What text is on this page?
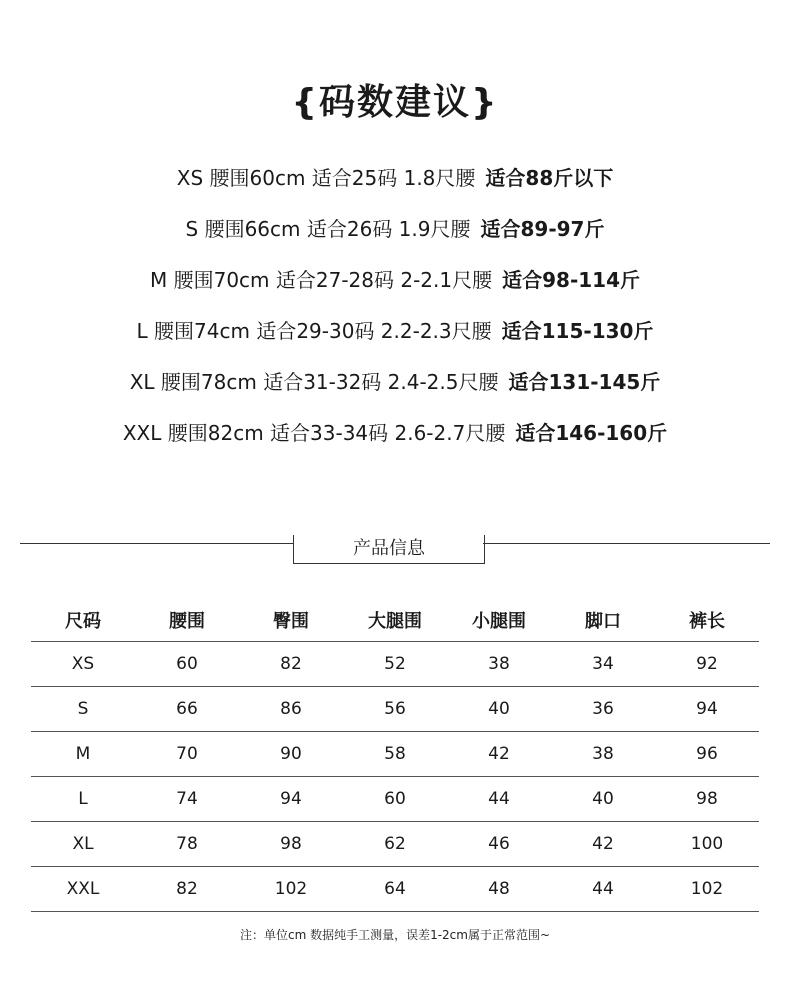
{码数建议}
XS 腰围60cm 适合25码 1.8尺腰 适合88斤以下
S 腰围66cm 适合26码 1.9尺腰 适合89-97斤
M 腰围70cm 适合27-28码 2-2.1尺腰 适合98-114斤
L 腰围74cm 适合29-30码 2.2-2.3尺腰 适合115-130斤
XL 腰围78cm 适合31-32码 2.4-2.5尺腰 适合131-145斤
XXL 腰围82cm 适合33-34码 2.6-2.7尺腰 适合146-160斤
产品信息
尺码	腰围	臀围	大腿围	小腿围	脚口	裤长
XS	60	82	52	38	34	92
S	66	86	56	40	36	94
M	70	90	58	42	38	96
L	74	94	60	44	40	98
XL	78	98	62	46	42	100
XXL	82	102	64	48	44	102
注：单位cm 数据纯手工测量，误差1-2cm属于正常范围~
